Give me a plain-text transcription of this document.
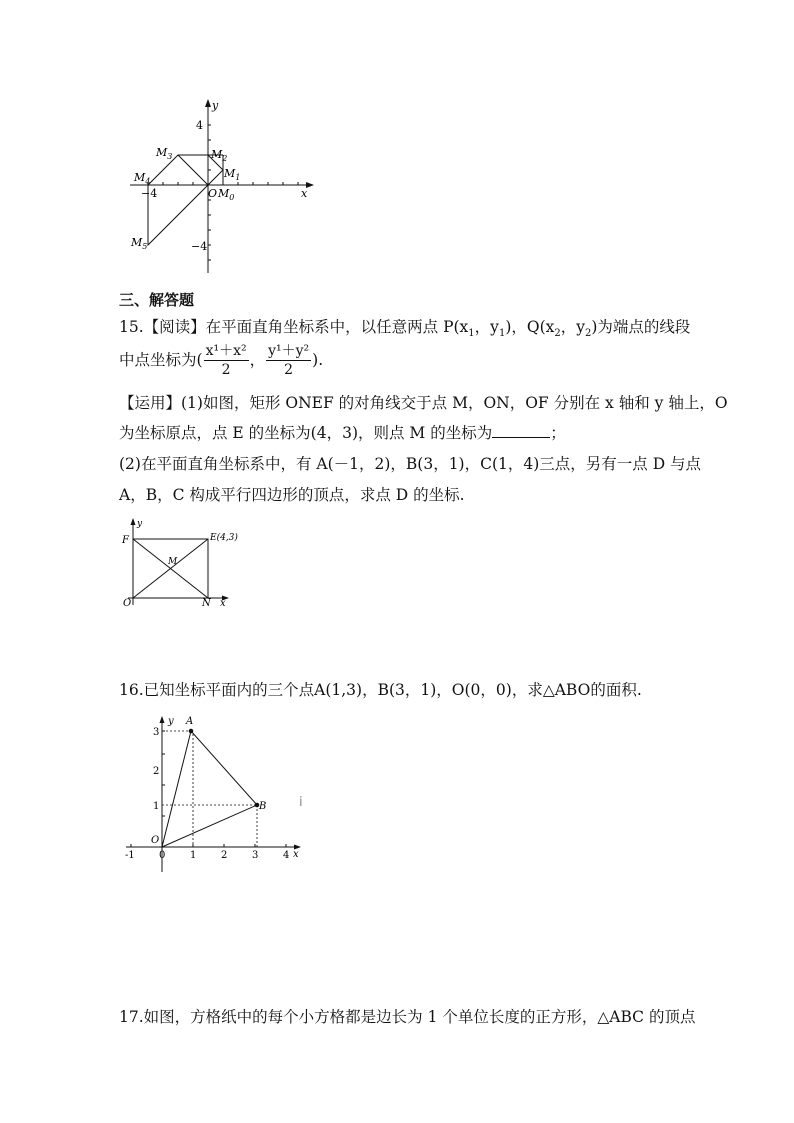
y
x
4
−4
−4
O $M_0$
$M_1$
$M_2$
$M_3$
$M_4$
$M_5$
三、解答题
15.【阅读】在平面直角坐标系中，以任意两点 $P(x_1$，$y_1$)，$Q(x_2$，$y_2$)为端点的线段
中点坐标为( $\frac{\text{x¹＋x²}}{2}$ ， $\frac{\text{y¹＋y²}}{2}$ ).
【运用】(1)如图，矩形 ONEF 的对角线交于点 M，ON，OF 分别在 x 轴和 y 轴上，O
为坐标原点，点 E 的坐标为(4，3)，则点 M 的坐标为	；
(2)在平面直角坐标系中，有 A(－1，2)，B(3，1)，C(1，4)三点，另有一点 D 与点
A，B，C 构成平行四边形的顶点，求点 D 的坐标.
y
x
F	E(4,3)
M
O	N
16.已知坐标平面内的三个点A(1,3)，B(3，1)，O(0，0)，求△ABO的面积.
y
x
A
B
O
-1 0 1 2 3 4
3
2
1	i
17.如图，方格纸中的每个小方格都是边长为 1 个单位长度的正方形，△ABC 的顶点
